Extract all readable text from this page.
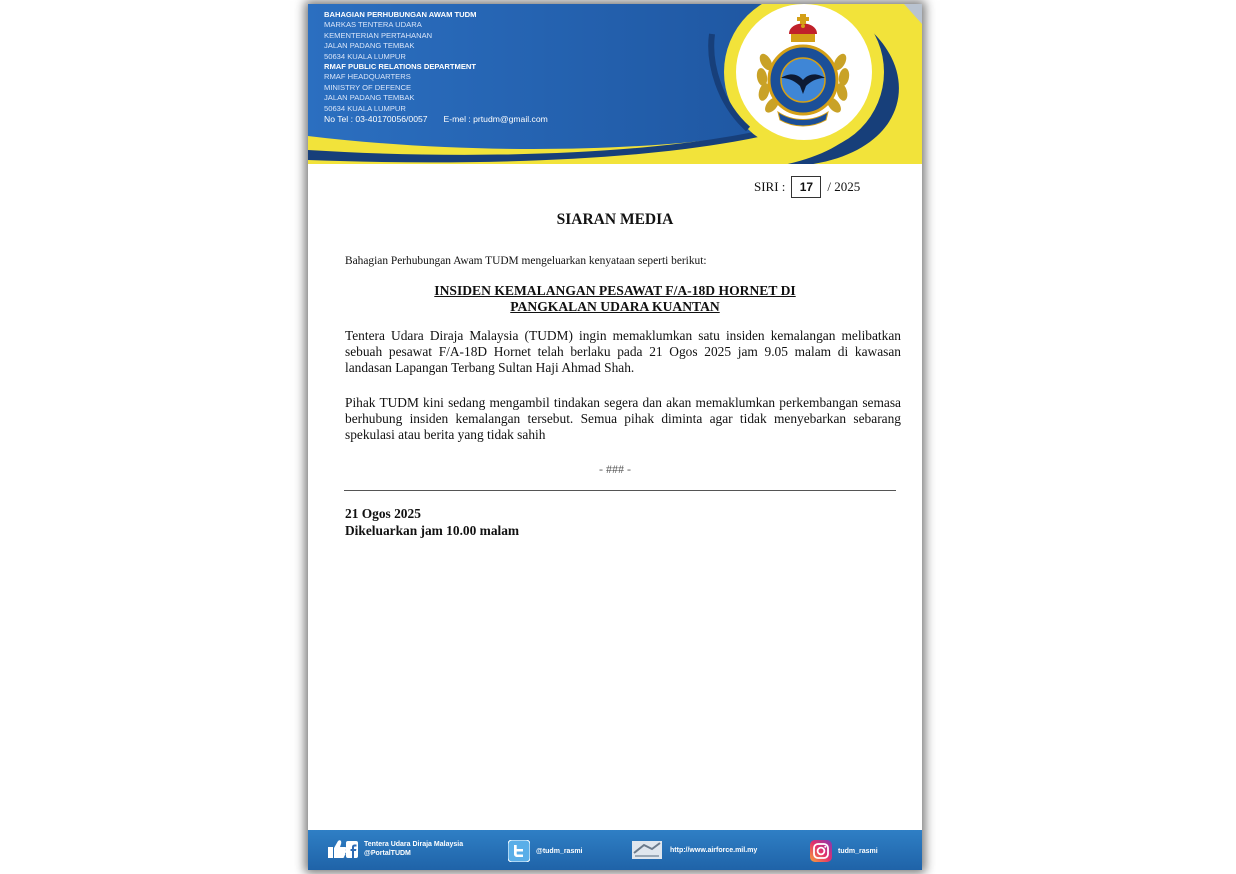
BAHAGIAN PERHUBUNGAN AWAM TUDM
MARKAS TENTERA UDARA
KEMENTERIAN PERTAHANAN
JALAN PADANG TEMBAK
50634 KUALA LUMPUR
RMAF PUBLIC RELATIONS DEPARTMENT
RMAF HEADQUARTERS
MINISTRY OF DEFENCE
JALAN PADANG TEMBAK
50634 KUALA LUMPUR
No Tel : 03-40170056/0057 E-mel : prtudm@gmail.com
SIRI :	17	/ 2025
SIARAN MEDIA
Bahagian Perhubungan Awam TUDM mengeluarkan kenyataan seperti berikut:
INSIDEN KEMALANGAN PESAWAT F/A-18D HORNET DI
PANGKALAN UDARA KUANTAN

Tentera Udara Diraja Malaysia (TUDM) ingin memaklumkan satu insiden kemalangan melibatkan sebuah pesawat F/A-18D Hornet telah berlaku pada 21 Ogos 2025 jam 9.05 malam di kawasan landasan Lapangan Terbang Sultan Haji Ahmad Shah.

Pihak TUDM kini sedang mengambil tindakan segera dan akan memaklumkan perkembangan semasa berhubung insiden kemalangan tersebut. Semua pihak diminta agar tidak menyebarkan sebarang spekulasi atau berita yang tidak sahih

- ### -
21 Ogos 2025
Dikeluarkan jam 10.00 malam
Tentera Udara Diraja Malaysia
@PortalTUDM	@tudm_rasmi	http://www.airforce.mil.my	tudm_rasmi
